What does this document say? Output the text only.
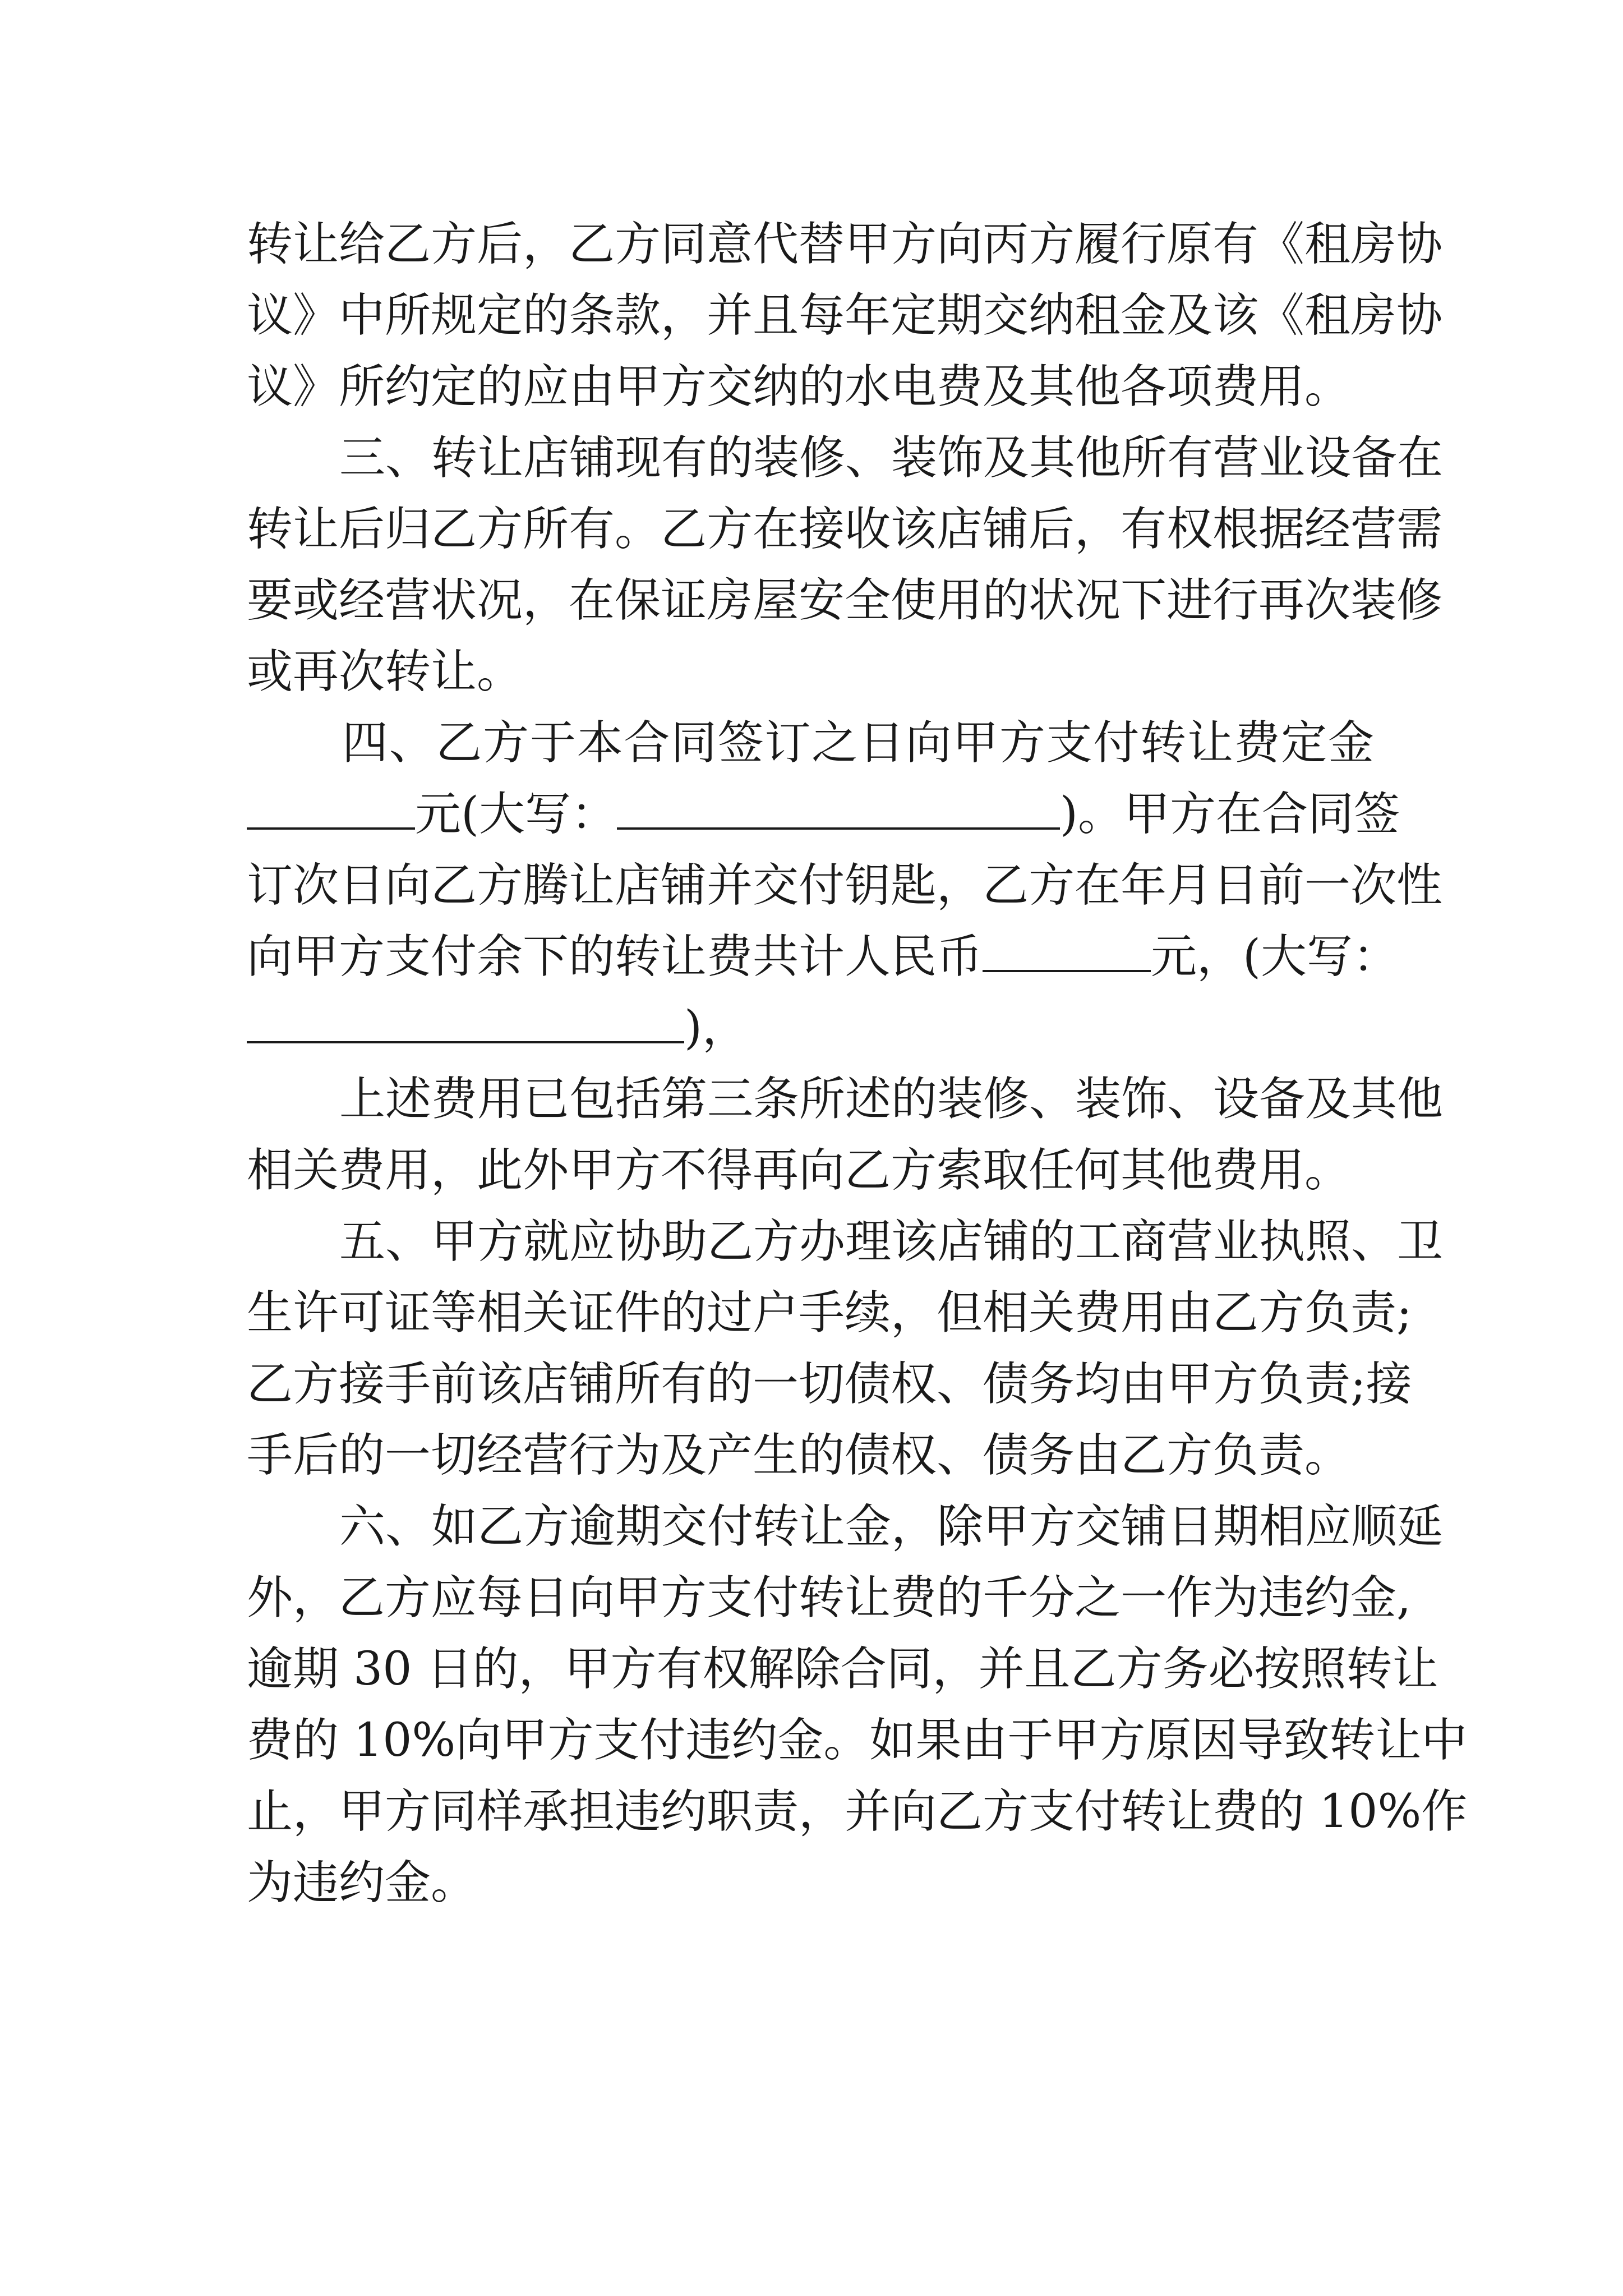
转让给乙方后，乙方同意代替甲方向丙方履行原有《租房协
议》中所规定的条款，并且每年定期交纳租金及该《租房协
议》所约定的应由甲方交纳的水电费及其他各项费用。
三、转让店铺现有的装修、装饰及其他所有营业设备在
转让后归乙方所有。乙方在接收该店铺后，有权根据经营需
要或经营状况，在保证房屋安全使用的状况下进行再次装修
或再次转让。
四、乙方于本合同签订之日向甲方支付转让费定金
元(大写：	)。甲方在合同签
订次日向乙方腾让店铺并交付钥匙，乙方在年月日前一次性
向甲方支付余下的转让费共计人民币	元，(大写：
)，
上述费用已包括第三条所述的装修、装饰、设备及其他
相关费用，此外甲方不得再向乙方索取任何其他费用。
五、甲方就应协助乙方办理该店铺的工商营业执照、卫
生许可证等相关证件的过户手续，但相关费用由乙方负责;
乙方接手前该店铺所有的一切债权、债务均由甲方负责;接
手后的一切经营行为及产生的债权、债务由乙方负责。
六、如乙方逾期交付转让金，除甲方交铺日期相应顺延
外，乙方应每日向甲方支付转让费的千分之一作为违约金,
逾期 30 日的，甲方有权解除合同，并且乙方务必按照转让
费的 10%向甲方支付违约金。如果由于甲方原因导致转让中
止，甲方同样承担违约职责，并向乙方支付转让费的 10%作
为违约金。
